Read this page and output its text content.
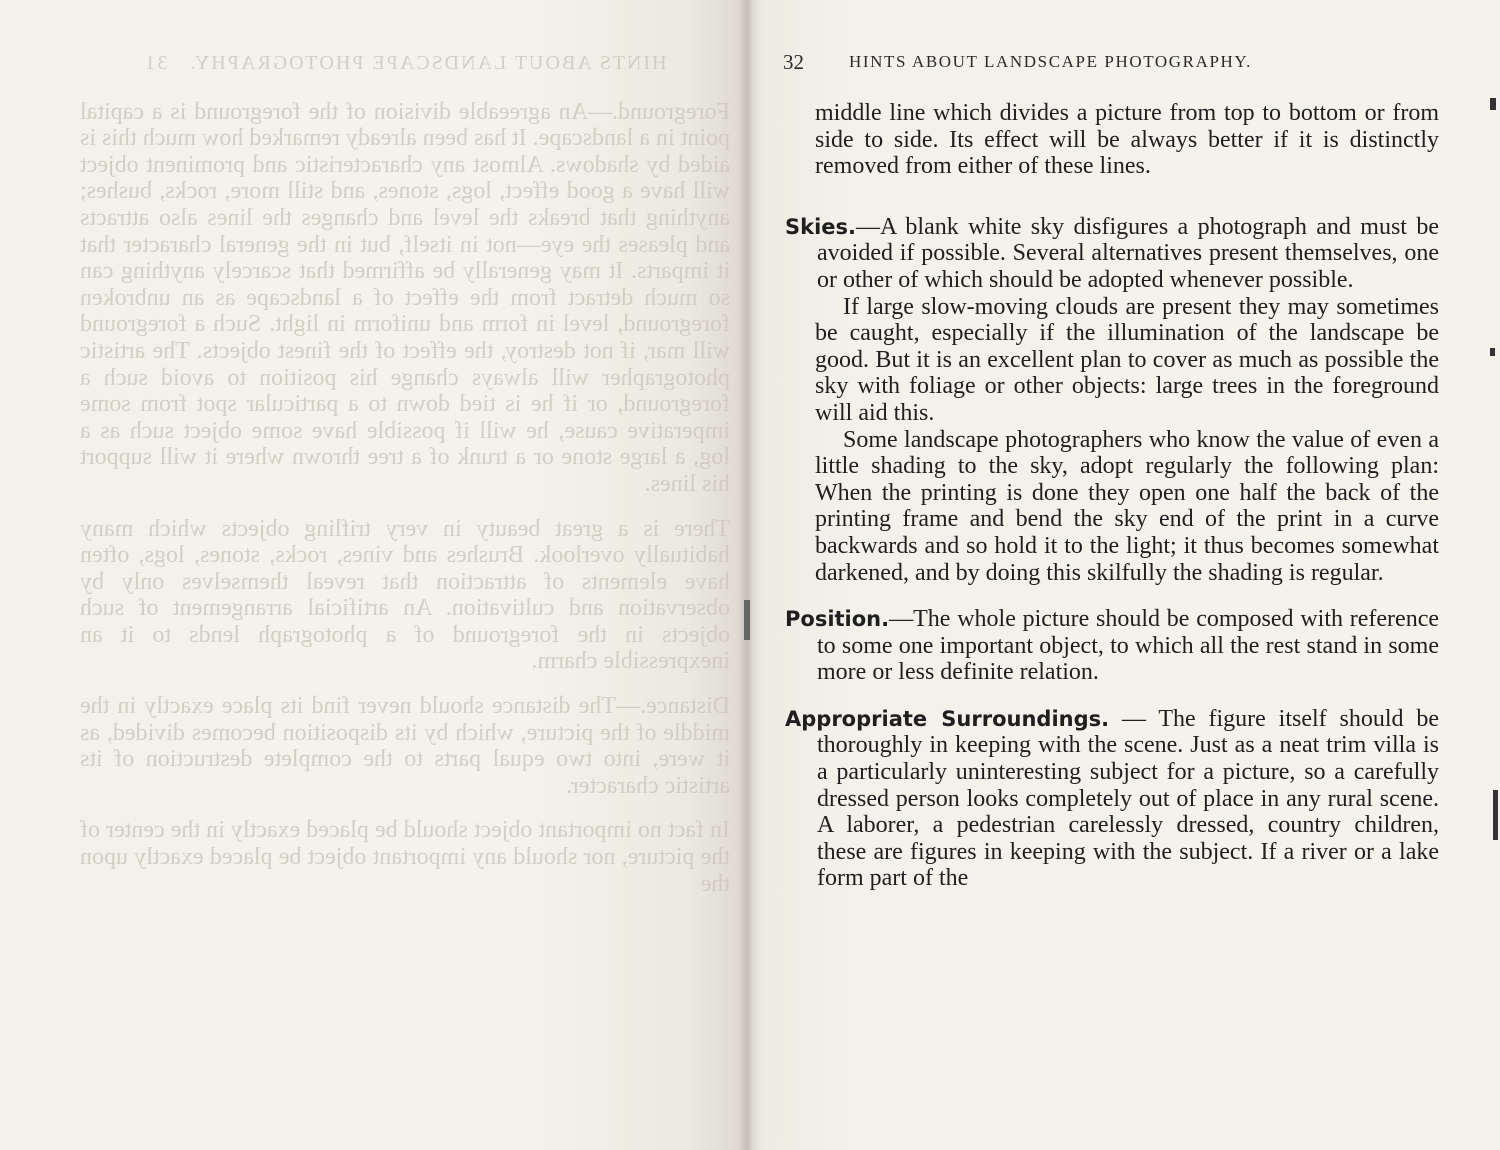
HINTS ABOUT LANDSCAPE PHOTOGRAPHY.   31

Foreground.—An agreeable division of the foreground is a capital point in a landscape. It has been already remarked how much this is aided by shadows. Almost any characteristic and prominent object will have a good effect, logs, stones, and still more, rocks, bushes; anything that breaks the level and changes the lines also attracts and pleases the eye—not in itself, but in the general character that it imparts. It may generally be affirmed that scarcely anything can so much detract from the effect of a landscape as an unbroken foreground, level in form and uniform in light. Such a foreground will mar, if not destroy, the effect of the finest objects. The artistic photographer will always change his position to avoid such a foreground, or if he is tied down to a particular spot from some imperative cause, he will if possible have some object such as a log, a large stone or a trunk of a tree thrown where it will support his lines.

There is a great beauty in very trifling objects which many habitually overlook. Brushes and vines, rocks, stones, logs, often have elements of attraction that reveal themselves only by observation and cultivation. An artificial arrangement of such objects in the foreground of a photograph lends to it an inexpressible charm.

Distance.—The distance should never find its place exactly in the middle of the picture, which by its disposition becomes divided, as it were, into two equal parts to the complete destruction of its artistic character.

In fact no important object should be placed exactly in the center of the picture, nor should any important object be placed exactly upon the

32	HINTS ABOUT LANDSCAPE PHOTOGRAPHY.

middle line which divides a picture from top to bottom or from side to side. Its effect will be always better if it is distinctly removed from either of these lines.

Skies.—A blank white sky disfigures a photograph and must be avoided if possible. Several alternatives present themselves, one or other of which should be adopted whenever possible.

If large slow-moving clouds are present they may sometimes be caught, especially if the illumination of the landscape be good. But it is an excellent plan to cover as much as possible the sky with foliage or other objects: large trees in the foreground will aid this.

Some landscape photographers who know the value of even a little shading to the sky, adopt regularly the following plan: When the printing is done they open one half the back of the printing frame and bend the sky end of the print in a curve backwards and so hold it to the light; it thus becomes somewhat darkened, and by doing this skilfully the shading is regular.

Position.—The whole picture should be composed with reference to some one important object, to which all the rest stand in some more or less definite relation.

Appropriate Surroundings. — The figure itself should be thoroughly in keeping with the scene. Just as a neat trim villa is a particularly uninteresting subject for a picture, so a carefully dressed person looks completely out of place in any rural scene. A laborer, a pedestrian carelessly dressed, country children, these are figures in keeping with the subject. If a river or a lake form part of the
